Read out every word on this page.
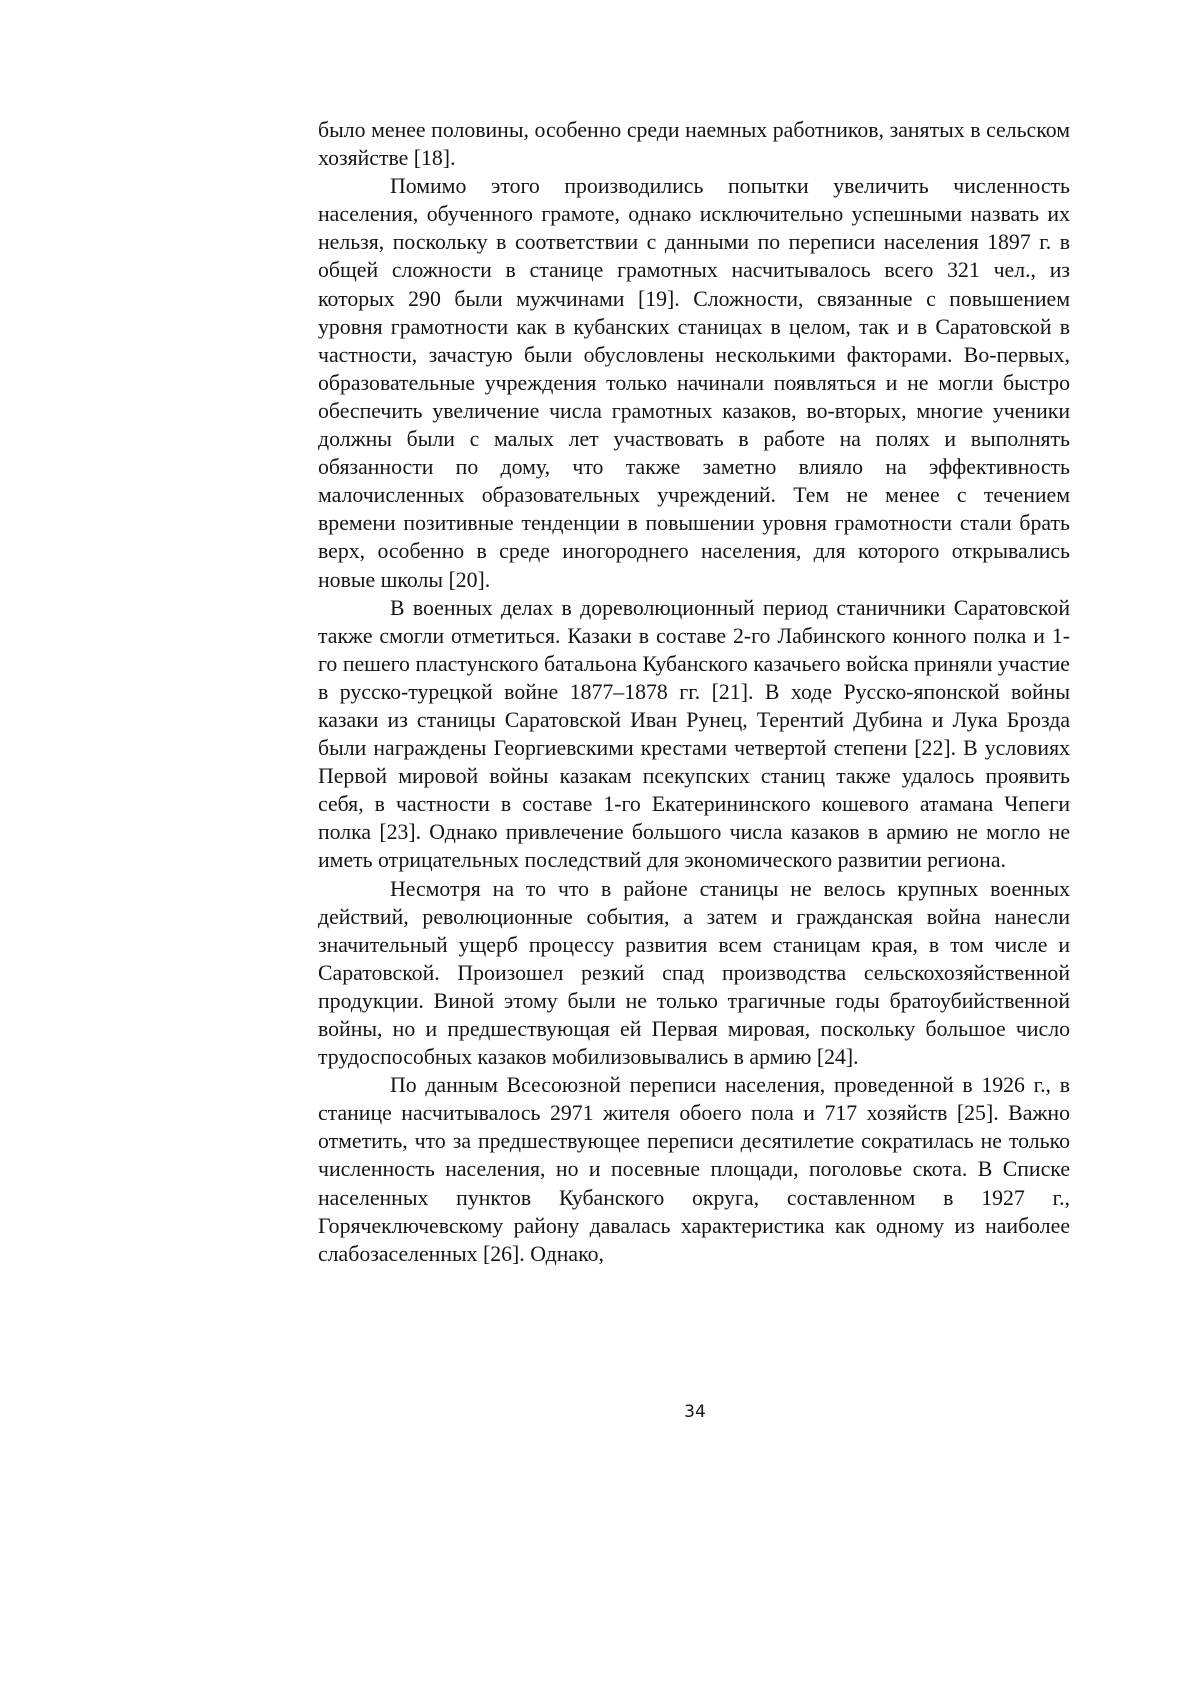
было менее половины, особенно среди наемных работников, занятых в сельском хозяйстве [18].

Помимо этого производились попытки увеличить численность населения, обученного грамоте, однако исключительно успешными назвать их нельзя, поскольку в соответствии с данными по переписи населения 1897 г. в общей сложности в станице грамотных насчитывалось всего 321 чел., из которых 290 были мужчинами [19]. Сложности, связанные с повышением уровня грамотности как в кубанских станицах в целом, так и в Саратовской в частности, зачастую были обусловлены несколькими факторами. Во-первых, образовательные учреждения только начинали появляться и не могли быстро обеспечить увеличение числа грамотных казаков, во-вторых, многие ученики должны были с малых лет участвовать в работе на полях и выполнять обязанности по дому, что также заметно влияло на эффективность малочисленных образовательных учреждений. Тем не менее с течением времени позитивные тенденции в повышении уровня грамотности стали брать верх, особенно в среде иногороднего населения, для которого открывались новые школы [20].

В военных делах в дореволюционный период станичники Саратовской также смогли отметиться. Казаки в составе 2-го Лабинского конного полка и 1-го пешего пластунского батальона Кубанского казачьего войска приняли участие в русско-турецкой войне 1877–1878 гг. [21]. В ходе Русско-японской войны казаки из станицы Саратовской Иван Рунец, Терентий Дубина и Лука Брозда были награждены Георгиевскими крестами четвертой степени [22]. В условиях Первой мировой войны казакам псекупских станиц также удалось проявить себя, в частности в составе 1-го Екатерининского кошевого атамана Чепеги полка [23]. Однако привлечение большого числа казаков в армию не могло не иметь отрицательных последствий для экономического развитии региона.

Несмотря на то что в районе станицы не велось крупных военных действий, революционные события, а затем и гражданская война нанесли значительный ущерб процессу развития всем станицам края, в том числе и Саратовской. Произошел резкий спад производства сельскохозяйственной продукции. Виной этому были не только трагичные годы братоубийственной войны, но и предшествующая ей Первая мировая, поскольку большое число трудоспособных казаков мобилизовывались в армию [24].

По данным Всесоюзной переписи населения, проведенной в 1926 г., в станице насчитывалось 2971 жителя обоего пола и 717 хозяйств [25]. Важно отметить, что за предшествующее переписи десятилетие сократилась не только численность населения, но и посевные площади, поголовье скота. В Списке населенных пунктов Кубанского округа, составленном в 1927 г., Горячеключевскому району давалась характеристика как одному из наиболее слабозаселенных [26]. Однако,

34
